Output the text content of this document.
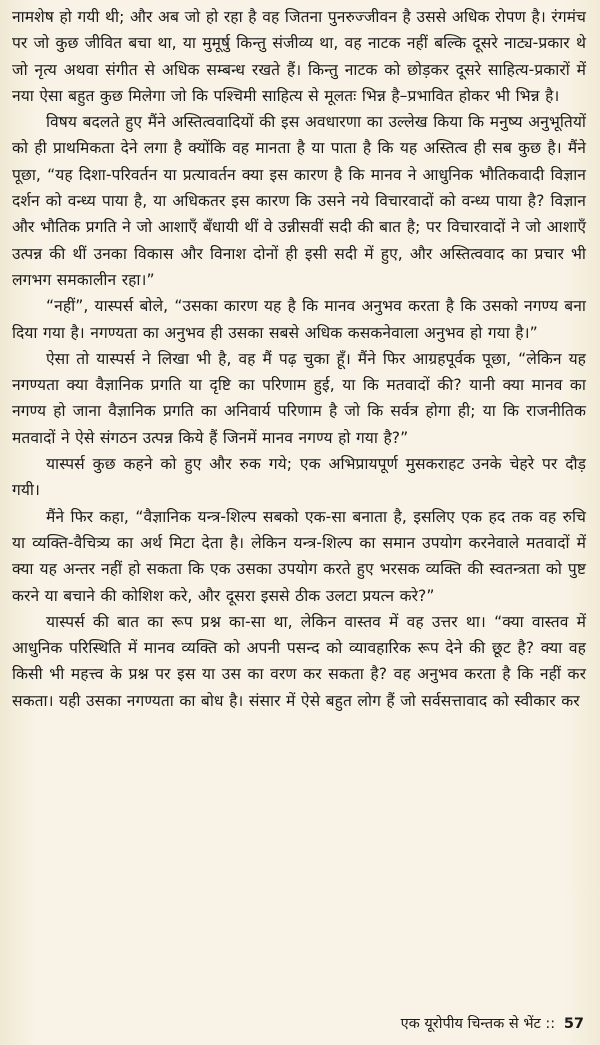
नामशेष हो गयी थी; और अब जो हो रहा है वह जितना पुनरुज्जीवन है उससे अधिक रोपण है। रंगमंच पर जो कुछ जीवित बचा था, या मुमूर्षु किन्तु संजीव्य था, वह नाटक नहीं बल्कि दूसरे नाट्य-प्रकार थे जो नृत्य अथवा संगीत से अधिक सम्बन्ध रखते हैं। किन्तु नाटक को छोड़कर दूसरे साहित्य-प्रकारों में नया ऐसा बहुत कुछ मिलेगा जो कि पश्चिमी साहित्य से मूलतः भिन्न है–प्रभावित होकर भी भिन्न है।

विषय बदलते हुए मैंने अस्तित्ववादियों की इस अवधारणा का उल्लेख किया कि मनुष्य अनुभूतियों को ही प्राथमिकता देने लगा है क्योंकि वह मानता है या पाता है कि यह अस्तित्व ही सब कुछ है। मैंने पूछा, “यह दिशा-परिवर्तन या प्रत्यावर्तन क्या इस कारण है कि मानव ने आधुनिक भौतिकवादी विज्ञान दर्शन को वन्ध्य पाया है, या अधिकतर इस कारण कि उसने नये विचारवादों को वन्ध्य पाया है? विज्ञान और भौतिक प्रगति ने जो आशाएँ बँधायी थीं वे उन्नीसवीं सदी की बात है; पर विचारवादों ने जो आशाएँ उत्पन्न की थीं उनका विकास और विनाश दोनों ही इसी सदी में हुए, और अस्तित्ववाद का प्रचार भी लगभग समकालीन रहा।”

“नहीं”, यास्पर्स बोले, “उसका कारण यह है कि मानव अनुभव करता है कि उसको नगण्य बना दिया गया है। नगण्यता का अनुभव ही उसका सबसे अधिक कसकनेवाला अनुभव हो गया है।”

ऐसा तो यास्पर्स ने लिखा भी है, वह मैं पढ़ चुका हूँ। मैंने फिर आग्रहपूर्वक पूछा, “लेकिन यह नगण्यता क्या वैज्ञानिक प्रगति या दृष्टि का परिणाम हुई, या कि मतवादों की? यानी क्या मानव का नगण्य हो जाना वैज्ञानिक प्रगति का अनिवार्य परिणाम है जो कि सर्वत्र होगा ही; या कि राजनीतिक मतवादों ने ऐसे संगठन उत्पन्न किये हैं जिनमें मानव नगण्य हो गया है?”

यास्पर्स कुछ कहने को हुए और रुक गये; एक अभिप्रायपूर्ण मुसकराहट उनके चेहरे पर दौड़ गयी।

मैंने फिर कहा, “वैज्ञानिक यन्त्र-शिल्प सबको एक-सा बनाता है, इसलिए एक हद तक वह रुचि या व्यक्ति-वैचित्र्य का अर्थ मिटा देता है। लेकिन यन्त्र-शिल्प का समान उपयोग करनेवाले मतवादों में क्या यह अन्तर नहीं हो सकता कि एक उसका उपयोग करते हुए भरसक व्यक्ति की स्वतन्त्रता को पुष्ट करने या बचाने की कोशिश करे, और दूसरा इससे ठीक उलटा प्रयत्न करे?”

यास्पर्स की बात का रूप प्रश्न का-सा था, लेकिन वास्तव में वह उत्तर था। “क्या वास्तव में आधुनिक परिस्थिति में मानव व्यक्ति को अपनी पसन्द को व्यावहारिक रूप देने की छूट है? क्या वह किसी भी महत्त्व के प्रश्न पर इस या उस का वरण कर सकता है? वह अनुभव करता है कि नहीं कर सकता। यही उसका नगण्यता का बोध है। संसार में ऐसे बहुत लोग हैं जो सर्वसत्तावाद को स्वीकार कर

एक यूरोपीय चिन्तक से भेंट :: 57
